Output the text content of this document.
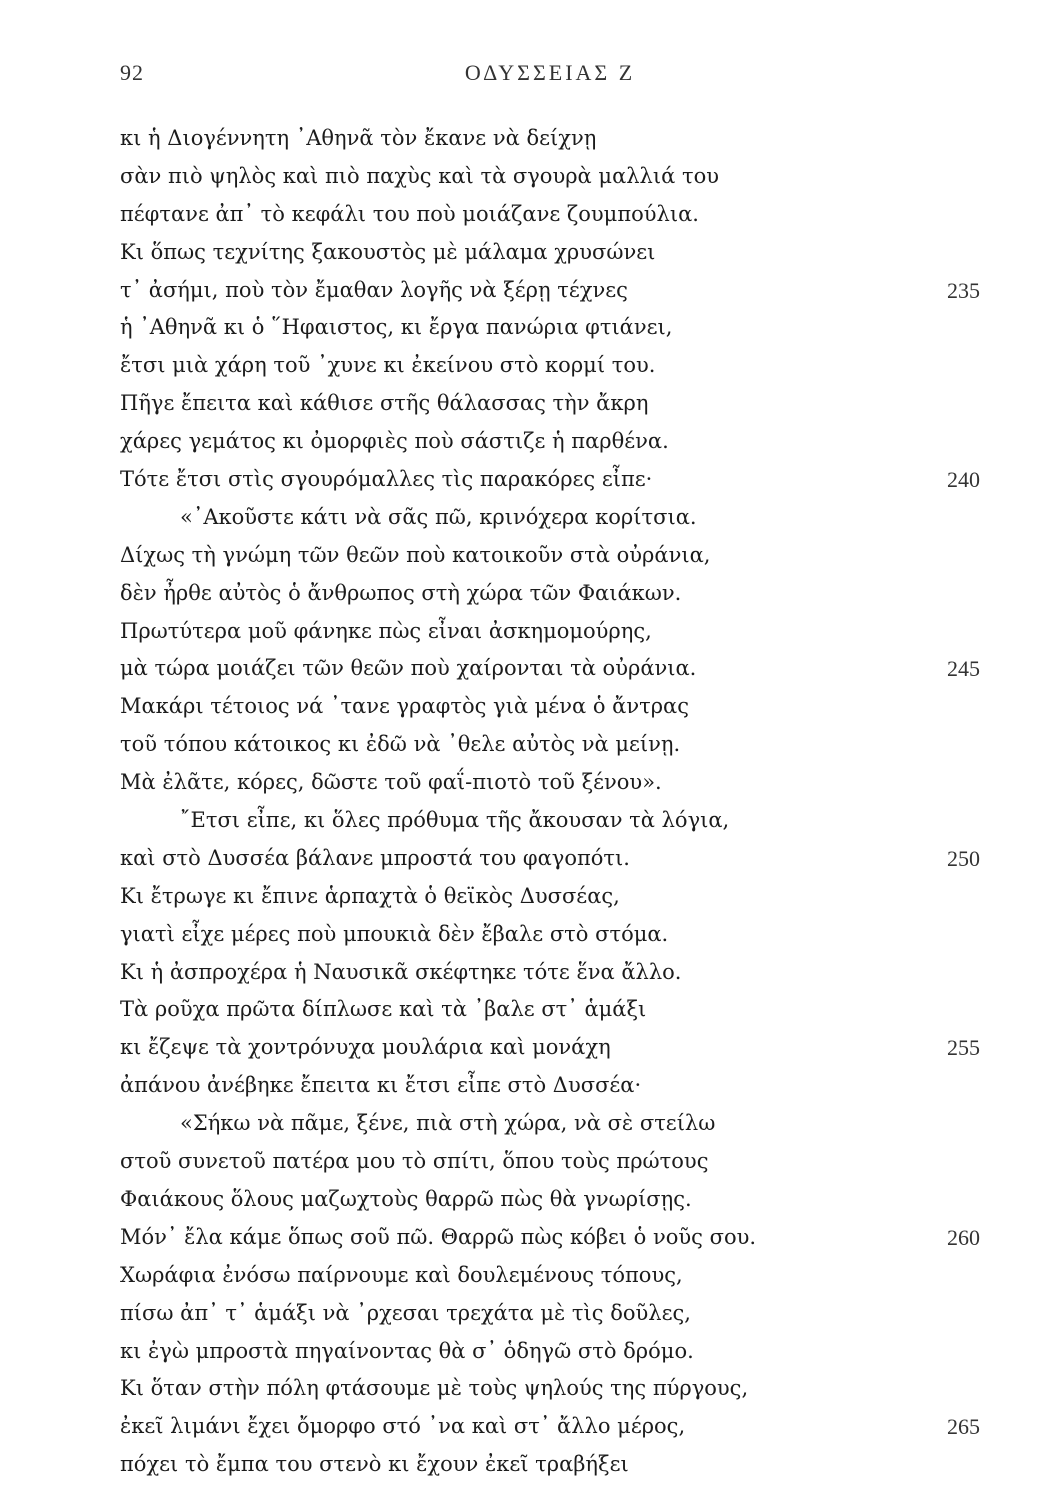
92	ΟΔΥΣΣΕΙΑΣ Ζ
κι ἡ Διογέννητη ᾿Αθηνᾶ τὸν ἔκανε νὰ δείχνῃ
σὰν πιὸ ψηλὸς καὶ πιὸ παχὺς καὶ τὰ σγουρὰ μαλλιά του
πέφτανε ἀπ᾿ τὸ κεφάλι του ποὺ μοιάζανε ζουμπούλια.
Κι ὅπως τεχνίτης ξακουστὸς μὲ μάλαμα χρυσώνει
τ᾿ ἀσήμι, ποὺ τὸν ἔμαθαν λογῆς νὰ ξέρῃ τέχνες	235
ἡ ᾿Αθηνᾶ κι ὁ ῞Ηφαιστος, κι ἔργα πανώρια φτιάνει,
ἔτσι μιὰ χάρη τοῦ ᾿χυνε κι ἐκείνου στὸ κορμί του.
Πῆγε ἔπειτα καὶ κάθισε στῆς θάλασσας τὴν ἄκρη
χάρες γεμάτος κι ὀμορφιὲς ποὺ σάστιζε ἡ παρθένα.
Τότε ἔτσι στὶς σγουρόμαλλες τὶς παρακόρες εἶπε·	240
«᾿Ακοῦστε κάτι νὰ σᾶς πῶ, κρινόχερα κορίτσια.
Δίχως τὴ γνώμη τῶν θεῶν ποὺ κατοικοῦν στὰ οὐράνια,
δὲν ἦρθε αὐτὸς ὁ ἄνθρωπος στὴ χώρα τῶν Φαιάκων.
Πρωτύτερα μοῦ φάνηκε πὼς εἶναι ἀσκημομούρης,
μὰ τώρα μοιάζει τῶν θεῶν ποὺ χαίρονται τὰ οὐράνια.	245
Μακάρι τέτοιος νά ᾿τανε γραφτὸς γιὰ μένα ὁ ἄντρας
τοῦ τόπου κάτοικος κι ἐδῶ νὰ ᾿θελε αὐτὸς νὰ μείνῃ.
Μὰ ἐλᾶτε, κόρες, δῶστε τοῦ φαΐ-πιοτὸ τοῦ ξένου».
῎Ετσι εἶπε, κι ὅλες πρόθυμα τῆς ἄκουσαν τὰ λόγια,
καὶ στὸ Δυσσέα βάλανε μπροστά του φαγοπότι.	250
Κι ἔτρωγε κι ἔπινε ἁρπαχτὰ ὁ θεϊκὸς Δυσσέας,
γιατὶ εἶχε μέρες ποὺ μπουκιὰ δὲν ἔβαλε στὸ στόμα.
Κι ἡ ἀσπροχέρα ἡ Ναυσικᾶ σκέφτηκε τότε ἕνα ἄλλο.
Τὰ ροῦχα πρῶτα δίπλωσε καὶ τὰ ᾿βαλε στ᾿ ἁμάξι
κι ἔζεψε τὰ χοντρόνυχα μουλάρια καὶ μονάχη	255
ἀπάνου ἀνέβηκε ἔπειτα κι ἔτσι εἶπε στὸ Δυσσέα·
«Σήκω νὰ πᾶμε, ξένε, πιὰ στὴ χώρα, νὰ σὲ στείλω
στοῦ συνετοῦ πατέρα μου τὸ σπίτι, ὅπου τοὺς πρώτους
Φαιάκους ὅλους μαζωχτοὺς θαρρῶ πὼς θὰ γνωρίσῃς.
Μόν᾿ ἔλα κάμε ὅπως σοῦ πῶ. Θαρρῶ πὼς κόβει ὁ νοῦς σου.	260
Χωράφια ἐνόσω παίρνουμε καὶ δουλεμένους τόπους,
πίσω ἀπ᾿ τ᾿ ἁμάξι νὰ ᾿ρχεσαι τρεχάτα μὲ τὶς δοῦλες,
κι ἐγὼ μπροστὰ πηγαίνοντας θὰ σ᾿ ὁδηγῶ στὸ δρόμο.
Κι ὅταν στὴν πόλη φτάσουμε μὲ τοὺς ψηλούς της πύργους,
ἐκεῖ λιμάνι ἔχει ὄμορφο στό ᾿να καὶ στ᾿ ἄλλο μέρος,	265
πόχει τὸ ἔμπα του στενὸ κι ἔχουν ἐκεῖ τραβήξει
